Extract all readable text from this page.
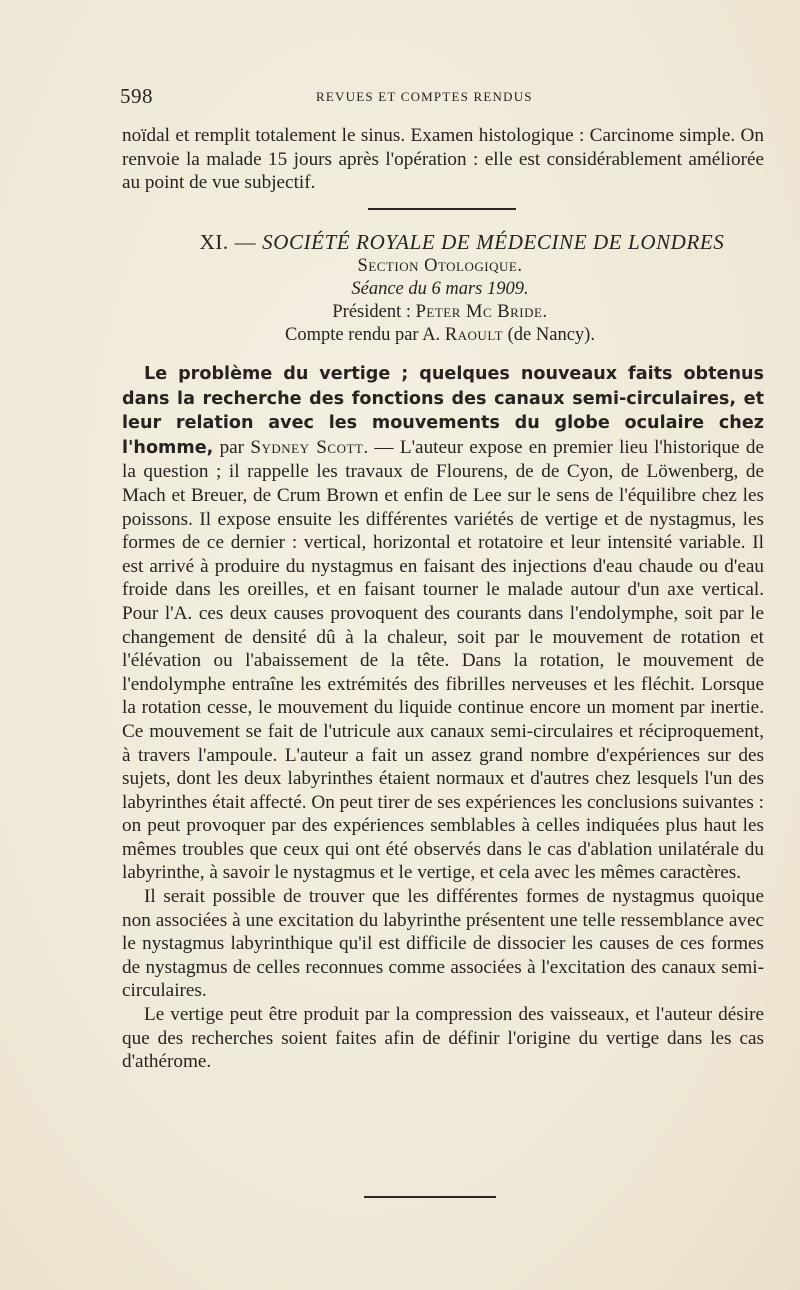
598	REVUES ET COMPTES RENDUS

noïdal et remplit totalement le sinus. Examen histologique : Carcinome simple. On renvoie la malade 15 jours après l'opération : elle est considérablement améliorée au point de vue subjectif.

XI. — SOCIÉTÉ ROYALE DE MÉDECINE DE LONDRES
Section Otologique.
Séance du 6 mars 1909.
Président : Peter Mc Bride.
Compte rendu par A. Raoult (de Nancy).

Le problème du vertige ; quelques nouveaux faits obtenus dans la recherche des fonctions des canaux semi-circulaires, et leur relation avec les mouvements du globe oculaire chez l'homme, par Sydney Scott. — L'auteur expose en premier lieu l'historique de la question ; il rappelle les travaux de Flourens, de de Cyon, de Löwenberg, de Mach et Breuer, de Crum Brown et enfin de Lee sur le sens de l'équilibre chez les poissons. Il expose ensuite les différentes variétés de vertige et de nystagmus, les formes de ce dernier : vertical, horizontal et rotatoire et leur intensité variable. Il est arrivé à produire du nystagmus en faisant des injections d'eau chaude ou d'eau froide dans les oreilles, et en faisant tourner le malade autour d'un axe vertical. Pour l'A. ces deux causes provoquent des courants dans l'endolymphe, soit par le changement de densité dû à la chaleur, soit par le mouvement de rotation et l'élévation ou l'abaissement de la tête. Dans la rotation, le mouvement de l'endolymphe entraîne les extrémités des fibrilles nerveuses et les fléchit. Lorsque la rotation cesse, le mouvement du liquide continue encore un moment par inertie. Ce mouvement se fait de l'utricule aux canaux semi-circulaires et réciproquement, à travers l'ampoule. L'auteur a fait un assez grand nombre d'expériences sur des sujets, dont les deux labyrinthes étaient normaux et d'autres chez lesquels l'un des labyrinthes était affecté. On peut tirer de ses expériences les conclusions suivantes : on peut provoquer par des expériences semblables à celles indiquées plus haut les mêmes troubles que ceux qui ont été observés dans le cas d'ablation unilatérale du labyrinthe, à savoir le nystagmus et le vertige, et cela avec les mêmes caractères.

Il serait possible de trouver que les différentes formes de nystagmus quoique non associées à une excitation du labyrinthe présentent une telle ressemblance avec le nystagmus labyrinthique qu'il est difficile de dissocier les causes de ces formes de nystagmus de celles reconnues comme associées à l'excitation des canaux semi-circulaires.

Le vertige peut être produit par la compression des vaisseaux, et l'auteur désire que des recherches soient faites afin de définir l'origine du vertige dans les cas d'athérome.
